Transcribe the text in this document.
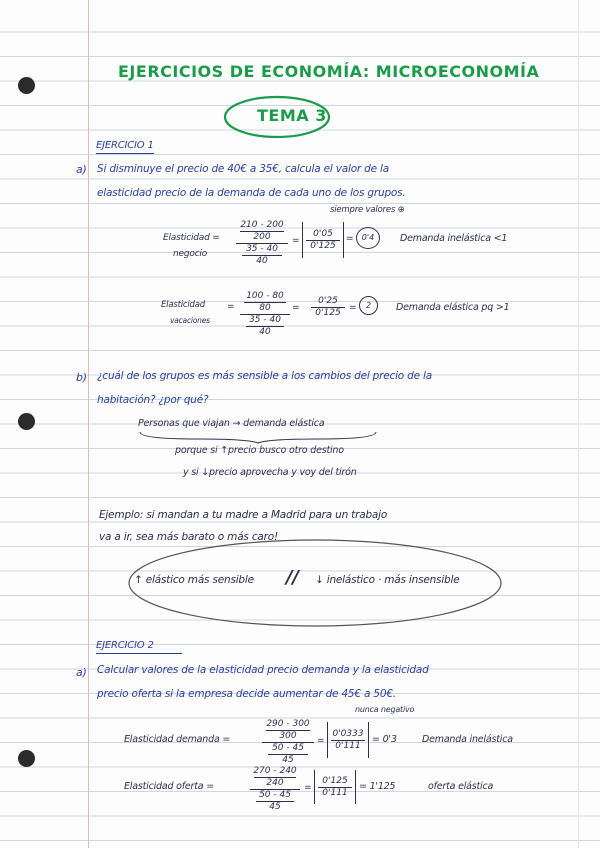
EJERCICIOS DE ECONOMÍA: MICROECONOMÍA
TEMA 3
EJERCICIO 1
a) Si disminuye el precio de 40€ a 35€, calcula el valor de la
elasticidad precio de la demanda de cada uno de los grupos.
siempre valores ⊕
Elasticidad =
negocio
210 - 200
200
35 - 40
40
=
0'05
0'125
=	0'4	Demanda inelástica <1
Elasticidad
vacaciones
=
100 - 80
80
35 - 40
40
=
0'25
0'125 =	2	Demanda elástica pq >1
b) ¿cuál de los grupos es más sensible a los cambios del precio de la
habitación? ¿por qué?
Personas que viajan → demanda elástica
porque si ↑precio busco otro destino
y si ↓precio aprovecha y voy del tirón
Ejemplo: si mandan a tu madre a Madrid para un trabajo
va a ir, sea más barato o más caro!
↑ elástico más sensible // ↓ inelástico · más insensible
EJERCICIO 2
a) Calcular valores de la elasticidad precio demanda y la elasticidad
precio oferta si la empresa decide aumentar de 45€ a 50€.
nunca negativo
Elasticidad demanda =
290 - 300
300
50 - 45
45
=
0'0333
0'111
= 0'3	Demanda inelástica
Elasticidad oferta =
270 - 240
240
50 - 45
45
=
0'125
0'111
= 1'125	oferta elástica
